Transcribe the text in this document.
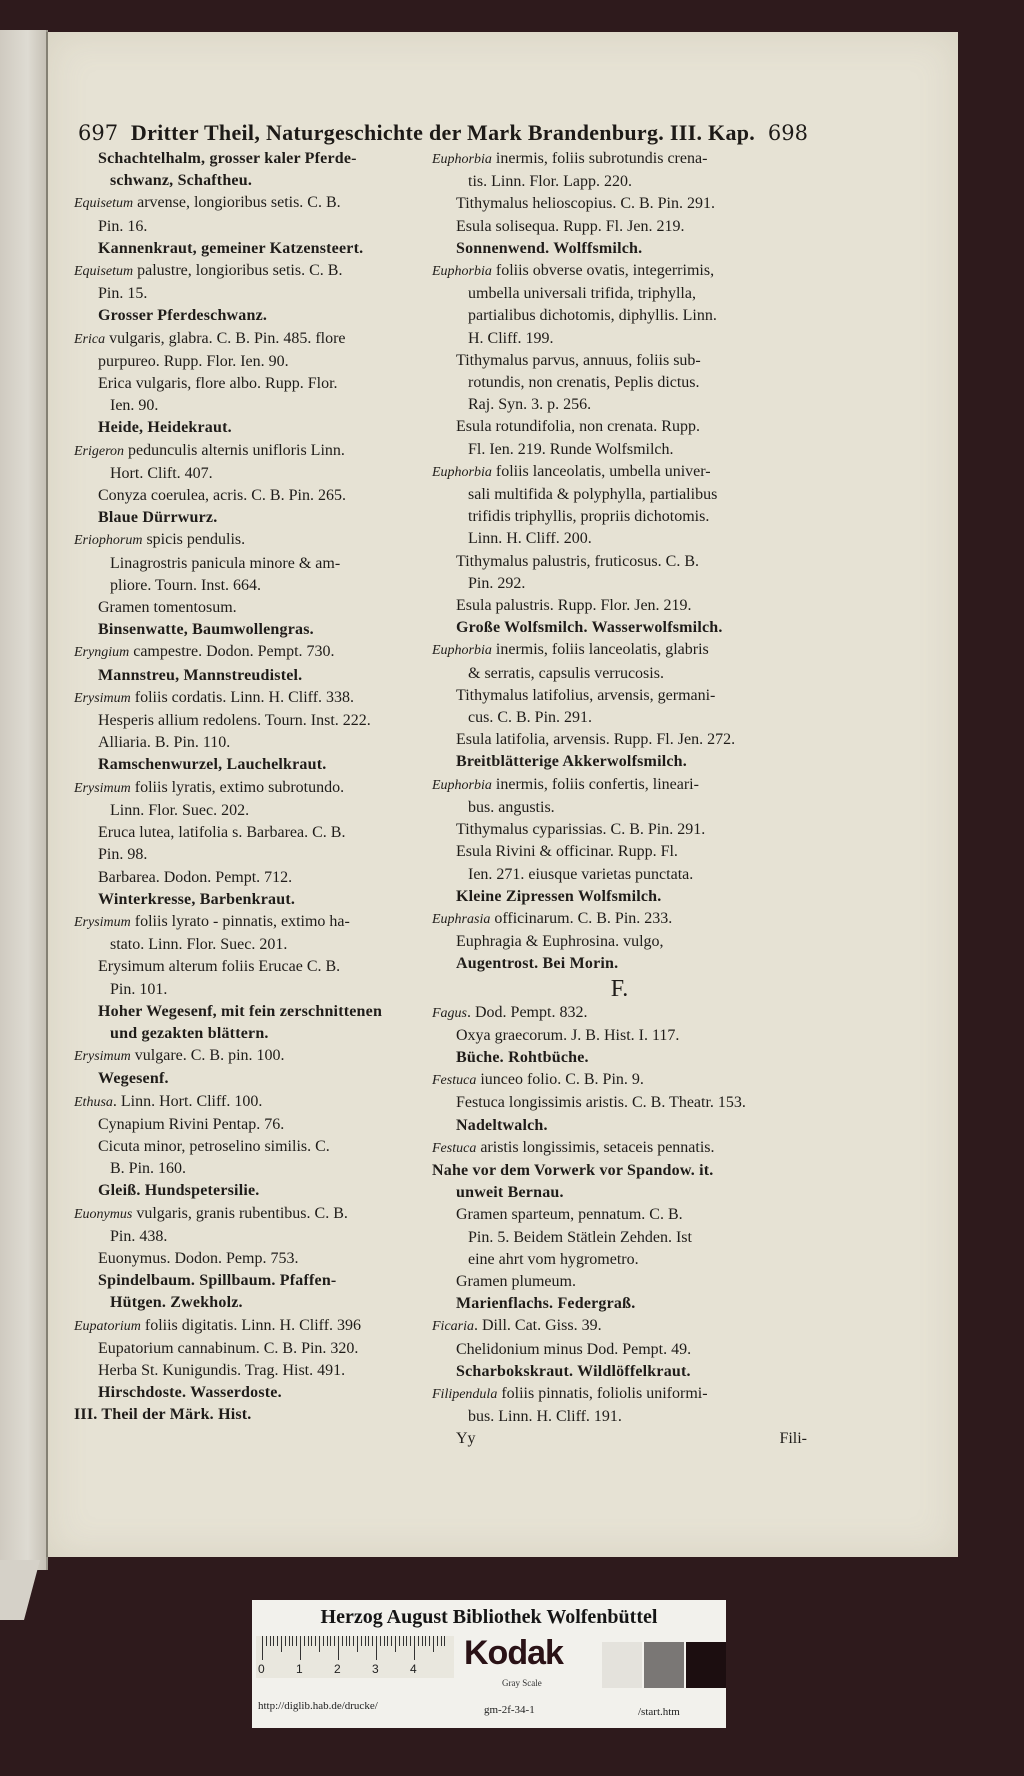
697 Dritter Theil, Naturgeschichte der Mark Brandenburg. III. Kap. 698
Schachtelhalm, grosser kaler Pferde-
schwanz, Schaftheu.
Equisetum arvense, longioribus setis. C. B.
Pin. 16.
Kannenkraut, gemeiner Katzensteert.
Equisetum palustre, longioribus setis. C. B.
Pin. 15.
Grosser Pferdeschwanz.
Erica vulgaris, glabra. C. B. Pin. 485. flore
purpureo. Rupp. Flor. Ien. 90.
Erica vulgaris, flore albo. Rupp. Flor.
Ien. 90.
Heide, Heidekraut.
Erigeron pedunculis alternis unifloris Linn.
Hort. Clift. 407.
Conyza coerulea, acris. C. B. Pin. 265.
Blaue Dürrwurz.
Eriophorum spicis pendulis.
Linagrostris panicula minore & am-
pliore. Tourn. Inst. 664.
Gramen tomentosum.
Binsenwatte, Baumwollengras.
Eryngium campestre. Dodon. Pempt. 730.
Mannstreu, Mannstreudistel.
Erysimum foliis cordatis. Linn. H. Cliff. 338.
Hesperis allium redolens. Tourn. Inst. 222.
Alliaria. B. Pin. 110.
Ramschenwurzel, Lauchelkraut.
Erysimum foliis lyratis, extimo subrotundo.
Linn. Flor. Suec. 202.
Eruca lutea, latifolia s. Barbarea. C. B.
Pin. 98.
Barbarea. Dodon. Pempt. 712.
Winterkresse, Barbenkraut.
Erysimum foliis lyrato - pinnatis, extimo ha-
stato. Linn. Flor. Suec. 201.
Erysimum alterum foliis Erucae C. B.
Pin. 101.
Hoher Wegesenf, mit fein zerschnittenen
und gezakten blättern.
Erysimum vulgare. C. B. pin. 100.
Wegesenf.
Ethusa. Linn. Hort. Cliff. 100.
Cynapium Rivini Pentap. 76.
Cicuta minor, petroselino similis. C.
B. Pin. 160.
Gleiß. Hundspetersilie.
Euonymus vulgaris, granis rubentibus. C. B.
Pin. 438.
Euonymus. Dodon. Pemp. 753.
Spindelbaum. Spillbaum. Pfaffen-
Hütgen. Zwekholz.
Eupatorium foliis digitatis. Linn. H. Cliff. 396
Eupatorium cannabinum. C. B. Pin. 320.
Herba St. Kunigundis. Trag. Hist. 491.
Hirschdoste. Wasserdoste.
III. Theil der Märk. Hist.
Euphorbia inermis, foliis subrotundis crena-
tis. Linn. Flor. Lapp. 220.
Tithymalus helioscopius. C. B. Pin. 291.
Esula solisequa. Rupp. Fl. Jen. 219.
Sonnenwend. Wolffsmilch.
Euphorbia foliis obverse ovatis, integerrimis,
umbella universali trifida, triphylla,
partialibus dichotomis, diphyllis. Linn.
H. Cliff. 199.
Tithymalus parvus, annuus, foliis sub-
rotundis, non crenatis, Peplis dictus.
Raj. Syn. 3. p. 256.
Esula rotundifolia, non crenata. Rupp.
Fl. Ien. 219. Runde Wolfsmilch.
Euphorbia foliis lanceolatis, umbella univer-
sali multifida & polyphylla, partialibus
trifidis triphyllis, propriis dichotomis.
Linn. H. Cliff. 200.
Tithymalus palustris, fruticosus. C. B.
Pin. 292.
Esula palustris. Rupp. Flor. Jen. 219.
Große Wolfsmilch. Wasserwolfsmilch.
Euphorbia inermis, foliis lanceolatis, glabris
& serratis, capsulis verrucosis.
Tithymalus latifolius, arvensis, germani-
cus. C. B. Pin. 291.
Esula latifolia, arvensis. Rupp. Fl. Jen. 272.
Breitblätterige Akkerwolfsmilch.
Euphorbia inermis, foliis confertis, lineari-
bus. angustis.
Tithymalus cyparissias. C. B. Pin. 291.
Esula Rivini & officinar. Rupp. Fl.
Ien. 271. eiusque varietas punctata.
Kleine Zipressen Wolfsmilch.
Euphrasia officinarum. C. B. Pin. 233.
Euphragia & Euphrosina. vulgo,
Augentrost. Bei Morin.
F.
Fagus. Dod. Pempt. 832.
Oxya graecorum. J. B. Hist. I. 117.
Büche. Rohtbüche.
Festuca iunceo folio. C. B. Pin. 9.
Festuca longissimis aristis. C. B. Theatr. 153.
Nadeltwalch.
Festuca aristis longissimis, setaceis pennatis.
Nahe vor dem Vorwerk vor Spandow. it.
unweit Bernau.
Gramen sparteum, pennatum. C. B.
Pin. 5. Beidem Stätlein Zehden. Ist
eine ahrt vom hygrometro.
Gramen plumeum.
Marienflachs. Federgraß.
Ficaria. Dill. Cat. Giss. 39.
Chelidonium minus Dod. Pempt. 49.
Scharbokskraut. Wildlöffelkraut.
Filipendula foliis pinnatis, foliolis uniformi-
bus. Linn. H. Cliff. 191.
Yy	Fili-
Herzog August Bibliothek Wolfenbüttel
0	1	2	3	4 Kodak
Gray Scale
http://diglib.hab.de/drucke/	gm-2f-34-1	/start.htm
